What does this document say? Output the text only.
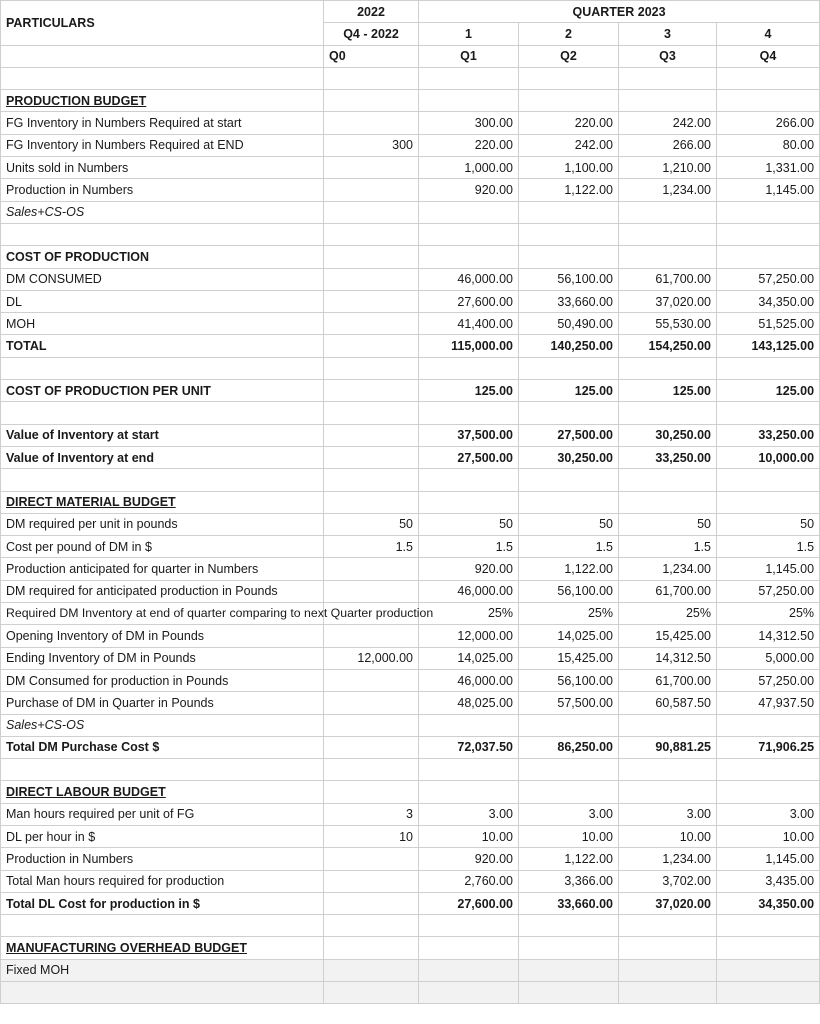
PARTICULARS	2022	QUARTER 2023			
	Q4 - 2022	1	2	3	4
	Q0	Q1	Q2	Q3	Q4

PRODUCTION BUDGET					
FG Inventory in Numbers Required at start		300.00	220.00	242.00	266.00
FG Inventory in Numbers Required at END	300	220.00	242.00	266.00	80.00
Units sold in Numbers		1,000.00	1,100.00	1,210.00	1,331.00
Production in Numbers		920.00	1,122.00	1,234.00	1,145.00
Sales+CS-OS					

COST OF PRODUCTION					
DM CONSUMED		46,000.00	56,100.00	61,700.00	57,250.00
DL		27,600.00	33,660.00	37,020.00	34,350.00
MOH		41,400.00	50,490.00	55,530.00	51,525.00
TOTAL		115,000.00	140,250.00	154,250.00	143,125.00

COST OF PRODUCTION PER UNIT		125.00	125.00	125.00	125.00

Value of Inventory at start		37,500.00	27,500.00	30,250.00	33,250.00
Value of Inventory at end		27,500.00	30,250.00	33,250.00	10,000.00

DIRECT MATERIAL BUDGET					
DM required per unit in pounds	50	50	50	50	50
Cost per pound of DM in $	1.5	1.5	1.5	1.5	1.5
Production anticipated for quarter in Numbers		920.00	1,122.00	1,234.00	1,145.00
DM required for anticipated production in Pounds		46,000.00	56,100.00	61,700.00	57,250.00
Required DM Inventory at end of quarter comparing to next Quarter production		25%	25%	25%	25%
Opening Inventory of DM in Pounds		12,000.00	14,025.00	15,425.00	14,312.50
Ending Inventory of DM in Pounds	12,000.00	14,025.00	15,425.00	14,312.50	5,000.00
DM Consumed for production in Pounds		46,000.00	56,100.00	61,700.00	57,250.00
Purchase of DM in Quarter in Pounds		48,025.00	57,500.00	60,587.50	47,937.50
Sales+CS-OS					
Total DM Purchase Cost $		72,037.50	86,250.00	90,881.25	71,906.25

DIRECT LABOUR BUDGET					
Man hours required per unit of FG	3	3.00	3.00	3.00	3.00
DL per hour in $	10	10.00	10.00	10.00	10.00
Production in Numbers		920.00	1,122.00	1,234.00	1,145.00
Total Man hours required for production		2,760.00	3,366.00	3,702.00	3,435.00
Total DL Cost for production in $		27,600.00	33,660.00	37,020.00	34,350.00

MANUFACTURING OVERHEAD BUDGET					
Fixed MOH					
